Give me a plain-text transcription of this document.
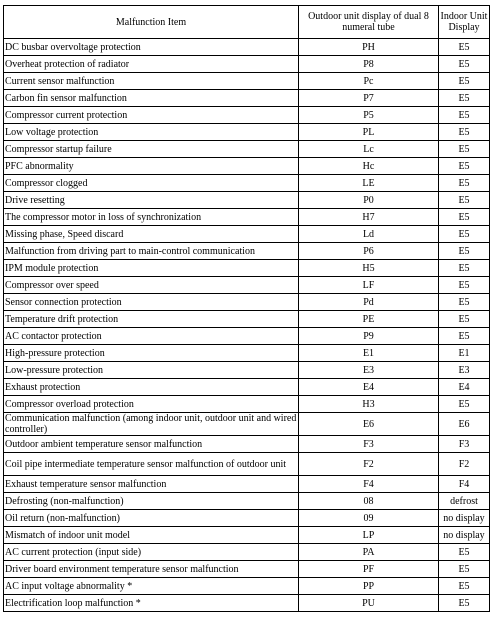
Malfunction Item	Outdoor unit display of dual 8 numeral tube	Indoor Unit Display
DC busbar overvoltage protection	PH	E5
Overheat protection of radiator	P8	E5
Current sensor malfunction	Pc	E5
Carbon fin sensor malfunction	P7	E5
Compressor current protection	P5	E5
Low voltage protection	PL	E5
Compressor startup failure	Lc	E5
PFC abnormality	Hc	E5
Compressor clogged	LE	E5
Drive resetting	P0	E5
The compressor motor in loss of synchronization	H7	E5
Missing phase, Speed discard	Ld	E5
Malfunction from driving part to main-control communication	P6	E5
IPM module protection	H5	E5
Compressor over speed	LF	E5
Sensor connection protection	Pd	E5
Temperature drift protection	PE	E5
AC contactor protection	P9	E5
High-pressure protection	E1	E1
Low-pressure protection	E3	E3
Exhaust protection	E4	E4
Compressor overload protection	H3	E5
Communication malfunction (among indoor unit, outdoor unit and wired controller)	E6	E6
Outdoor ambient temperature sensor malfunction	F3	F3
Coil pipe intermediate temperature sensor malfunction of outdoor unit	F2	F2
Exhaust temperature sensor malfunction	F4	F4
Defrosting (non-malfunction)	08	defrost
Oil return (non-malfunction)	09	no display
Mismatch of indoor unit model	LP	no display
AC current protection (input side)	PA	E5
Driver board environment temperature sensor malfunction	PF	E5
AC input voltage abnormality *	PP	E5
Electrification loop malfunction *	PU	E5
